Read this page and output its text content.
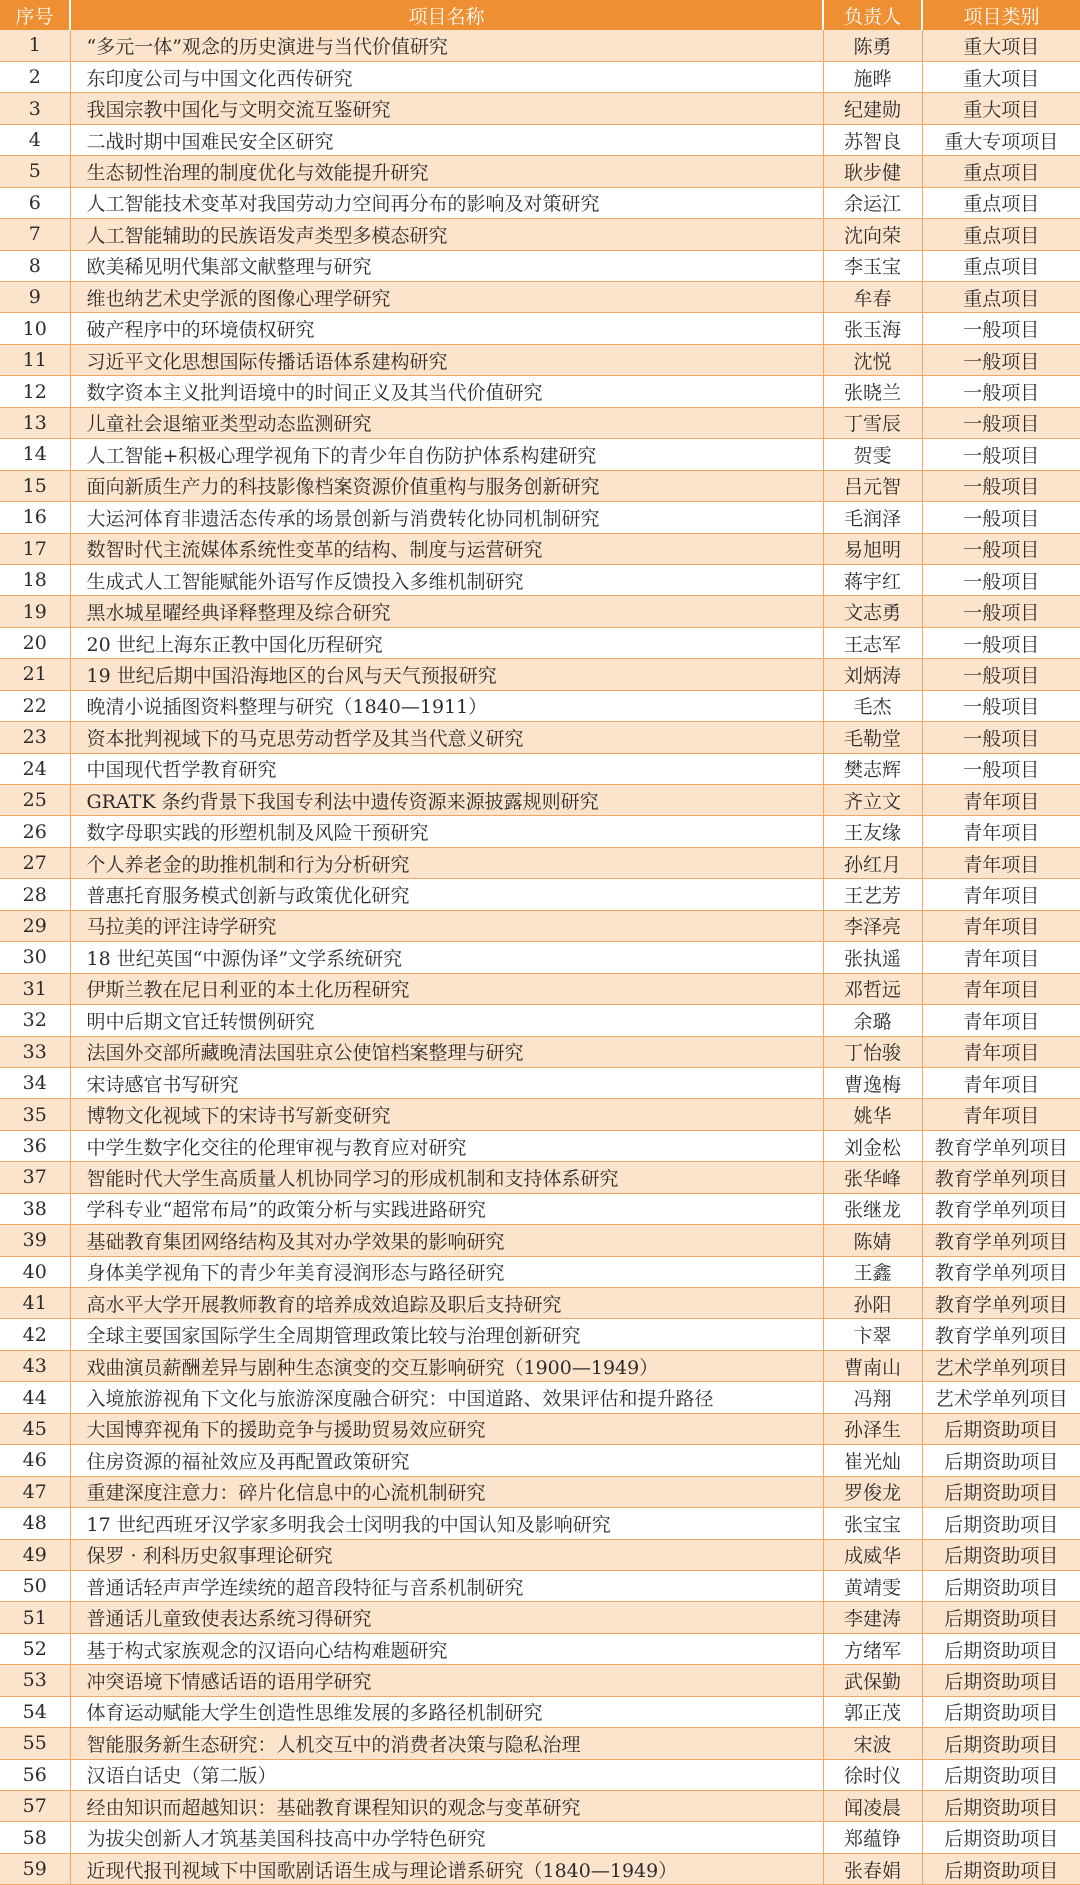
序号	项目名称	负责人	项目类别
1	“多元一体”观念的历史演进与当代价值研究	陈勇	重大项目
2	东印度公司与中国文化西传研究	施晔	重大项目
3	我国宗教中国化与文明交流互鉴研究	纪建勋	重大项目
4	二战时期中国难民安全区研究	苏智良	重大专项项目
5	生态韧性治理的制度优化与效能提升研究	耿步健	重点项目
6	人工智能技术变革对我国劳动力空间再分布的影响及对策研究	余运江	重点项目
7	人工智能辅助的民族语发声类型多模态研究	沈向荣	重点项目
8	欧美稀见明代集部文献整理与研究	李玉宝	重点项目
9	维也纳艺术史学派的图像心理学研究	牟春	重点项目
10	破产程序中的环境债权研究	张玉海	一般项目
11	习近平文化思想国际传播话语体系建构研究	沈悦	一般项目
12	数字资本主义批判语境中的时间正义及其当代价值研究	张晓兰	一般项目
13	儿童社会退缩亚类型动态监测研究	丁雪辰	一般项目
14	人工智能+积极心理学视角下的青少年自伤防护体系构建研究	贺雯	一般项目
15	面向新质生产力的科技影像档案资源价值重构与服务创新研究	吕元智	一般项目
16	大运河体育非遗活态传承的场景创新与消费转化协同机制研究	毛润泽	一般项目
17	数智时代主流媒体系统性变革的结构、制度与运营研究	易旭明	一般项目
18	生成式人工智能赋能外语写作反馈投入多维机制研究	蒋宇红	一般项目
19	黑水城星曜经典译释整理及综合研究	文志勇	一般项目
20	20 世纪上海东正教中国化历程研究	王志军	一般项目
21	19 世纪后期中国沿海地区的台风与天气预报研究	刘炳涛	一般项目
22	晚清小说插图资料整理与研究（1840—1911）	毛杰	一般项目
23	资本批判视域下的马克思劳动哲学及其当代意义研究	毛勒堂	一般项目
24	中国现代哲学教育研究	樊志辉	一般项目
25	GRATK 条约背景下我国专利法中遗传资源来源披露规则研究	齐立文	青年项目
26	数字母职实践的形塑机制及风险干预研究	王友缘	青年项目
27	个人养老金的助推机制和行为分析研究	孙红月	青年项目
28	普惠托育服务模式创新与政策优化研究	王艺芳	青年项目
29	马拉美的评注诗学研究	李泽亮	青年项目
30	18 世纪英国“中源伪译”文学系统研究	张执遥	青年项目
31	伊斯兰教在尼日利亚的本土化历程研究	邓哲远	青年项目
32	明中后期文官迁转惯例研究	余璐	青年项目
33	法国外交部所藏晚清法国驻京公使馆档案整理与研究	丁怡骏	青年项目
34	宋诗感官书写研究	曹逸梅	青年项目
35	博物文化视域下的宋诗书写新变研究	姚华	青年项目
36	中学生数字化交往的伦理审视与教育应对研究	刘金松	教育学单列项目
37	智能时代大学生高质量人机协同学习的形成机制和支持体系研究	张华峰	教育学单列项目
38	学科专业“超常布局”的政策分析与实践进路研究	张继龙	教育学单列项目
39	基础教育集团网络结构及其对办学效果的影响研究	陈婧	教育学单列项目
40	身体美学视角下的青少年美育浸润形态与路径研究	王鑫	教育学单列项目
41	高水平大学开展教师教育的培养成效追踪及职后支持研究	孙阳	教育学单列项目
42	全球主要国家国际学生全周期管理政策比较与治理创新研究	卞翠	教育学单列项目
43	戏曲演员薪酬差异与剧种生态演变的交互影响研究（1900—1949）	曹南山	艺术学单列项目
44	入境旅游视角下文化与旅游深度融合研究：中国道路、效果评估和提升路径	冯翔	艺术学单列项目
45	大国博弈视角下的援助竞争与援助贸易效应研究	孙泽生	后期资助项目
46	住房资源的福祉效应及再配置政策研究	崔光灿	后期资助项目
47	重建深度注意力：碎片化信息中的心流机制研究	罗俊龙	后期资助项目
48	17 世纪西班牙汉学家多明我会士闵明我的中国认知及影响研究	张宝宝	后期资助项目
49	保罗 · 利科历史叙事理论研究	成威华	后期资助项目
50	普通话轻声声学连续统的超音段特征与音系机制研究	黄靖雯	后期资助项目
51	普通话儿童致使表达系统习得研究	李建涛	后期资助项目
52	基于构式家族观念的汉语向心结构难题研究	方绪军	后期资助项目
53	冲突语境下情感话语的语用学研究	武保勤	后期资助项目
54	体育运动赋能大学生创造性思维发展的多路径机制研究	郭正茂	后期资助项目
55	智能服务新生态研究：人机交互中的消费者决策与隐私治理	宋波	后期资助项目
56	汉语白话史（第二版）	徐时仪	后期资助项目
57	经由知识而超越知识：基础教育课程知识的观念与变革研究	闻凌晨	后期资助项目
58	为拔尖创新人才筑基美国科技高中办学特色研究	郑蕴铮	后期资助项目
59	近现代报刊视域下中国歌剧话语生成与理论谱系研究（1840—1949）	张春娟	后期资助项目
